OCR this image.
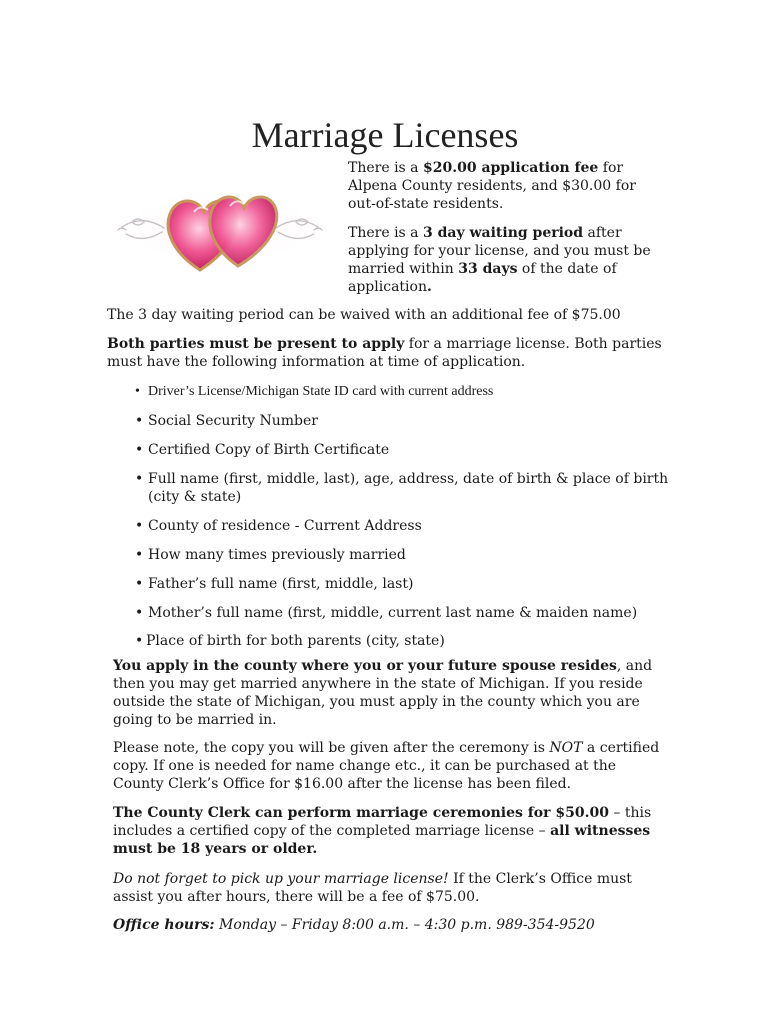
Marriage Licenses

There is a $20.00 application fee for Alpena County residents, and $30.00 for out-of-state residents.

There is a 3 day waiting period after applying for your license, and you must be married within 33 days of the date of application.

The 3 day waiting period can be waived with an additional fee of $75.00

Both parties must be present to apply for a marriage license. Both parties must have the following information at time of application.

• Driver’s License/Michigan State ID card with current address
• Social Security Number
• Certified Copy of Birth Certificate
• Full name (first, middle, last), age, address, date of birth & place of birth (city & state)
• County of residence - Current Address
• How many times previously married
• Father’s full name (first, middle, last)
• Mother’s full name (first, middle, current last name & maiden name)
• Place of birth for both parents (city, state)

You apply in the county where you or your future spouse resides, and then you may get married anywhere in the state of Michigan. If you reside outside the state of Michigan, you must apply in the county which you are going to be married in.

Please note, the copy you will be given after the ceremony is NOT a certified copy. If one is needed for name change etc., it can be purchased at the County Clerk’s Office for $16.00 after the license has been filed.

The County Clerk can perform marriage ceremonies for $50.00 – this includes a certified copy of the completed marriage license – all witnesses must be 18 years or older.

Do not forget to pick up your marriage license! If the Clerk’s Office must assist you after hours, there will be a fee of $75.00.

Office hours: Monday – Friday 8:00 a.m. – 4:30 p.m. 989-354-9520
